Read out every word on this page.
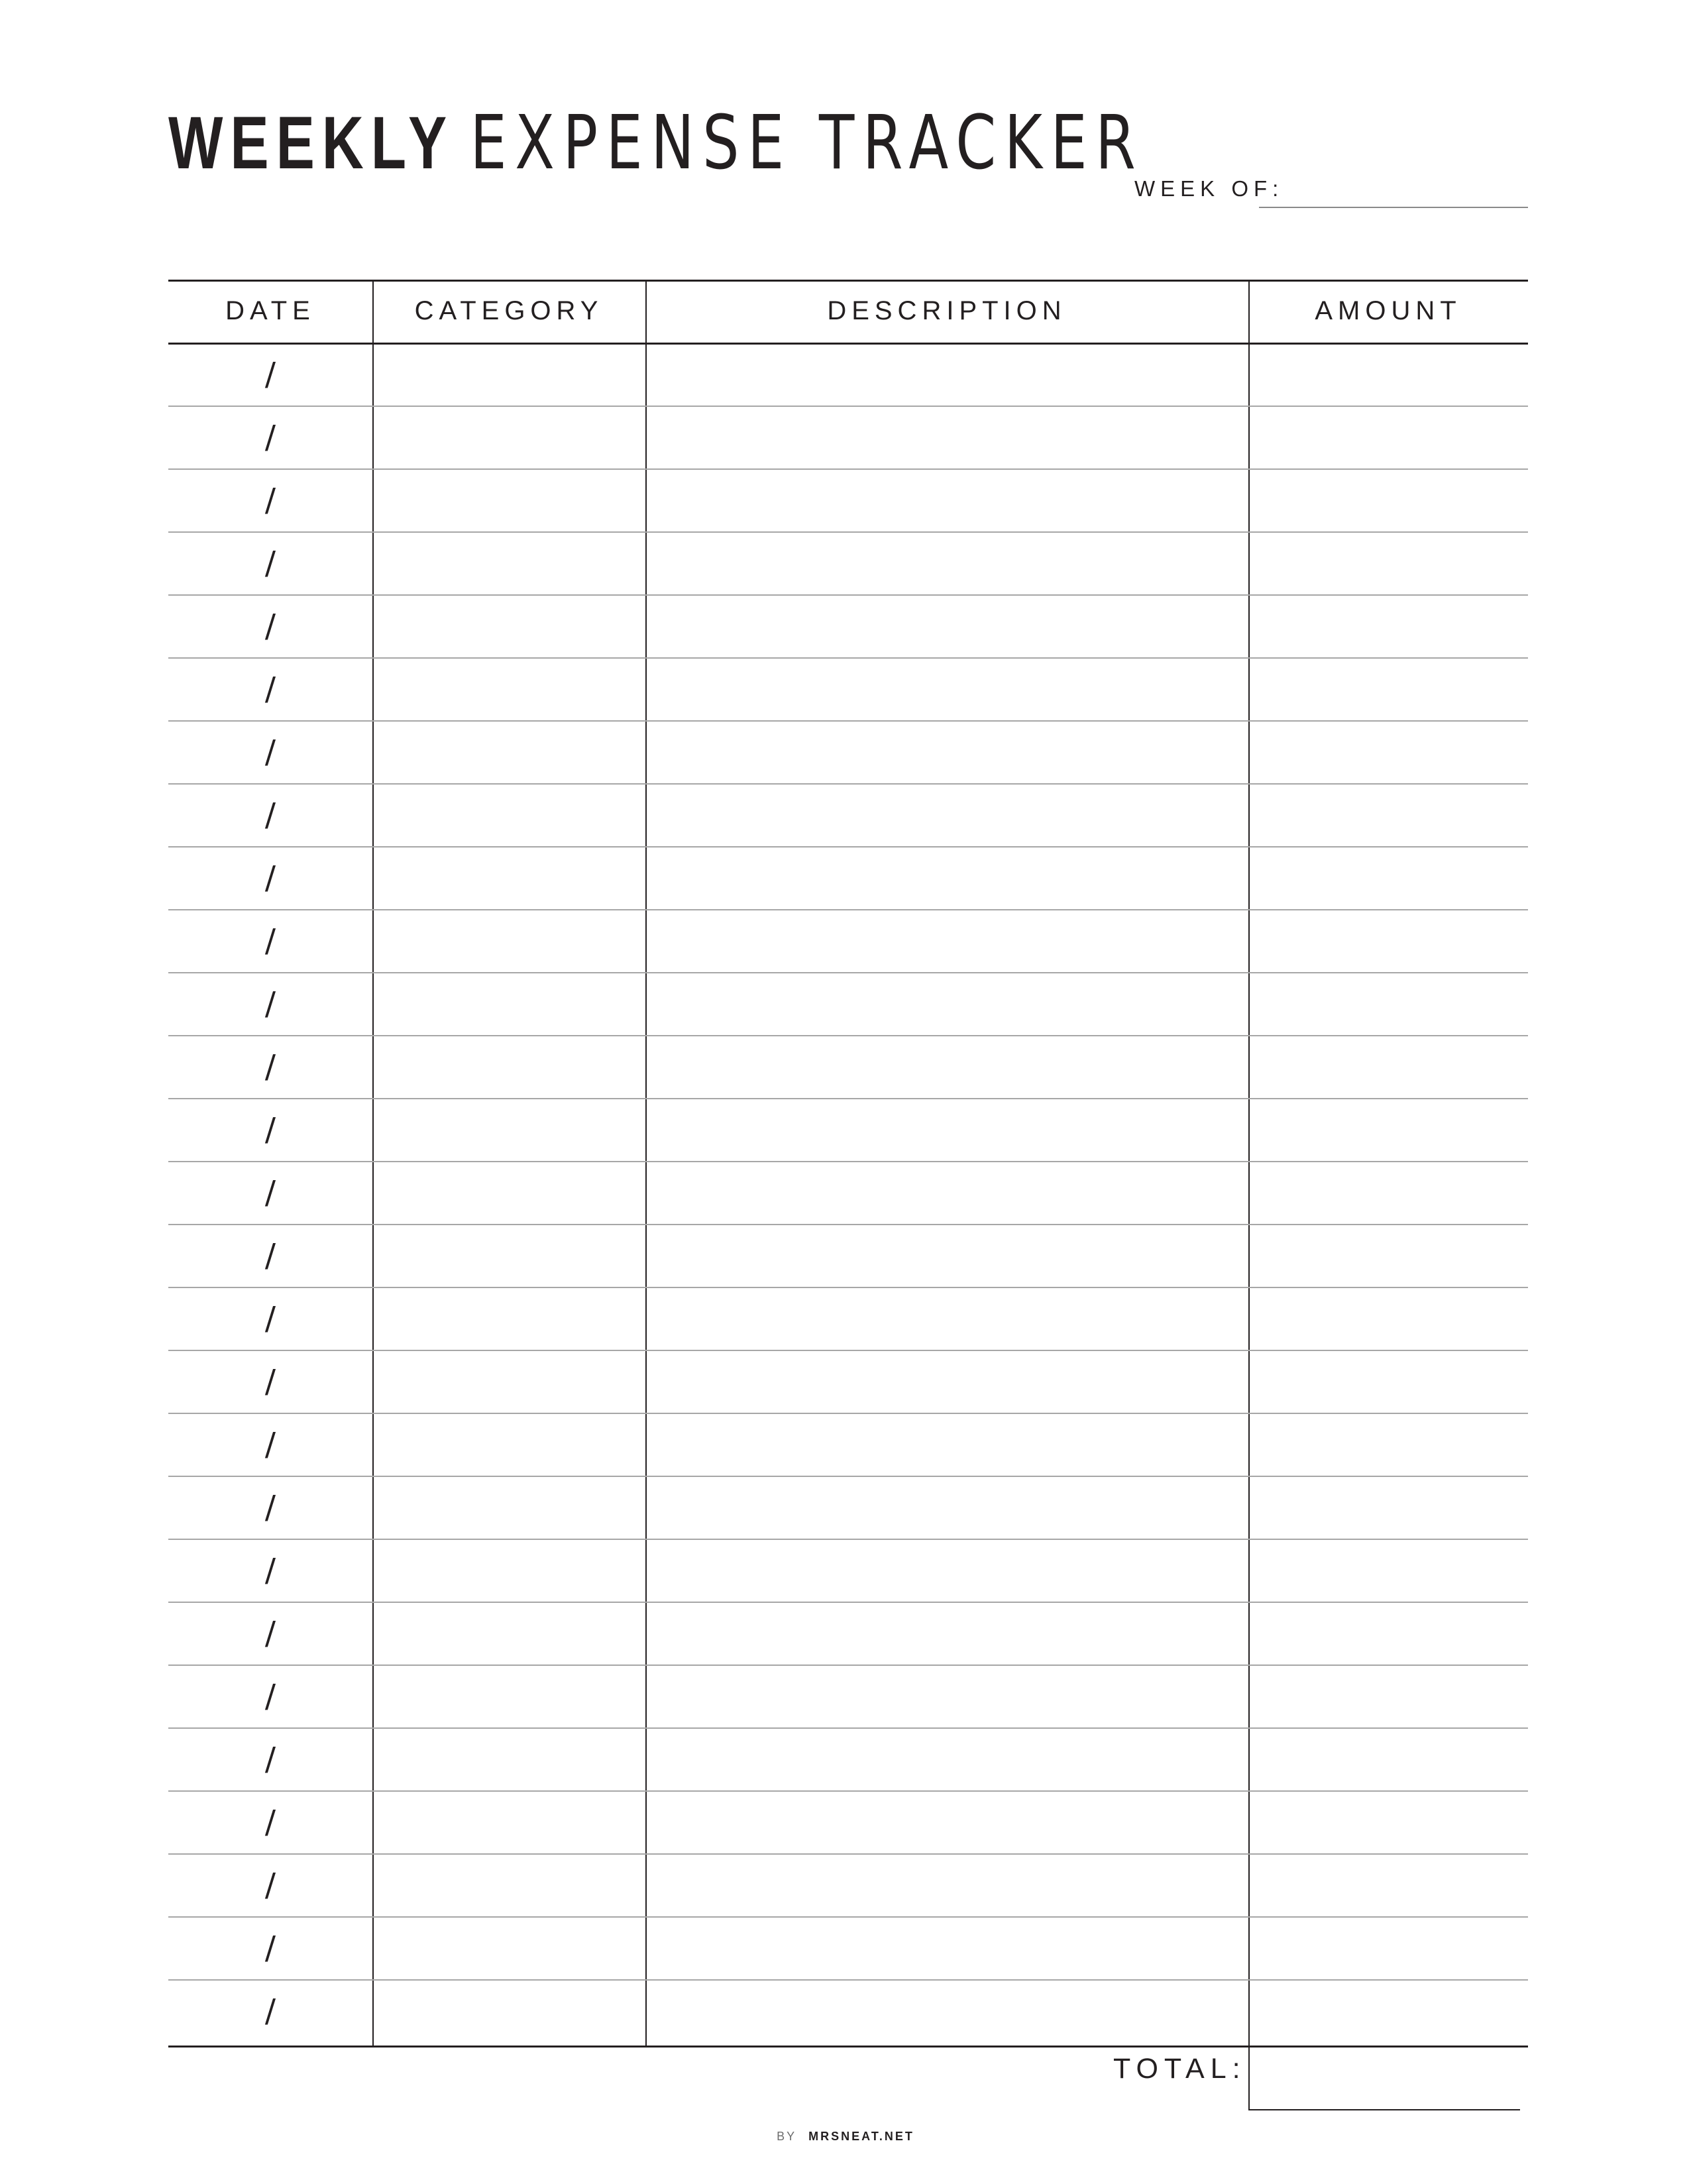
WEEKLY EXPENSE TRACKER
WEEK OF:
DATE	CATEGORY	DESCRIPTION	AMOUNT
/
/
/
/
/
/
/
/
/
/
/
/
/
/
/
/
/
/
/
/
/
/
/
/
/
/
/
TOTAL:
BY MRSNEAT.NET
